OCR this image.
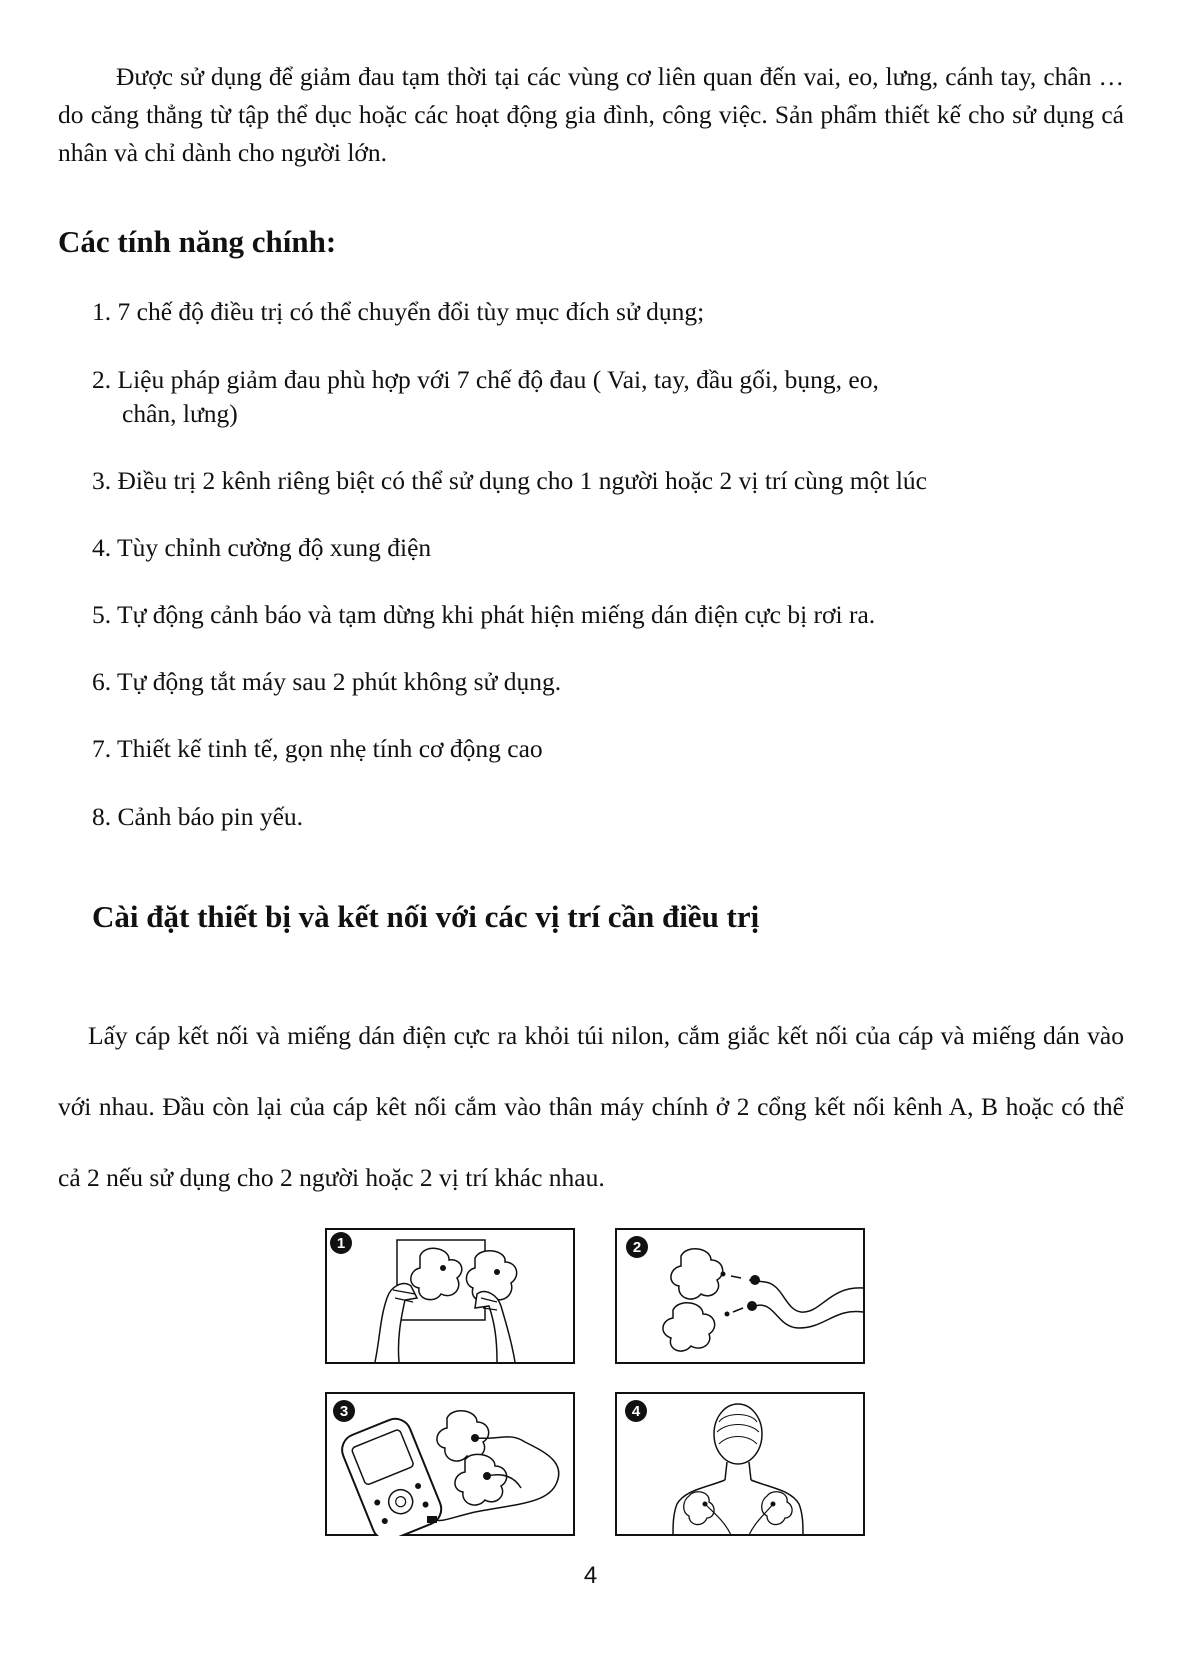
Được sử dụng để giảm đau tạm thời tại các vùng cơ liên quan đến vai, eo, lưng, cánh tay, chân … do căng thẳng từ tập thể dục hoặc các hoạt động gia đình, công việc. Sản phẩm thiết kế cho sử dụng cá nhân và chỉ dành cho người lớn.

Các tính năng chính:
1. 7 chế độ điều trị có thể chuyển đổi tùy mục đích sử dụng;
2. Liệu pháp giảm đau phù hợp với 7 chế độ đau ( Vai, tay, đầu gối, bụng, eo,
chân, lưng)
3. Điều trị 2 kênh riêng biệt có thể sử dụng cho 1 người hoặc 2 vị trí cùng một lúc
4. Tùy chỉnh cường độ xung điện
5. Tự động cảnh báo và tạm dừng khi phát hiện miếng dán điện cực bị rơi ra.
6. Tự động tắt máy sau 2 phút không sử dụng.
7. Thiết kế tinh tế, gọn nhẹ tính cơ động cao
8. Cảnh báo pin yếu.
Cài đặt thiết bị và kết nối với các vị trí cần điều trị

Lấy cáp kết nối và miếng dán điện cực ra khỏi túi nilon, cắm giắc kết nối của cáp và miếng dán vào với nhau. Đầu còn lại của cáp kêt nối cắm vào thân máy chính ở 2 cổng kết nối kênh A, B hoặc có thể cả 2 nếu sử dụng cho 2 người hoặc 2 vị trí khác nhau.

1	2
3	4
4
